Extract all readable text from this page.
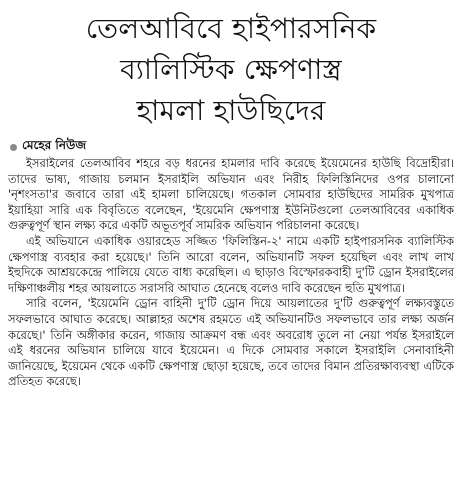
তেলআবিবে হাইপারসনিক
ব্যালিস্টিক ক্ষেপণাস্ত্র
হামলা হাউছিদের
মেহের নিউজ

ইসরাইলের তেলআবিব শহরে বড় ধরনের হামলার দাবি করেছে ইয়েমেনের হাউছি বিদ্রোহীরা। তাদের ভাষ্য, গাজায় চলমান ইসরাইলি অভিযান এবং নিরীহ ফিলিস্তিনিদের ওপর চালানো 'নৃশংসতা'র জবাবে তারা এই হামলা চালিয়েছে। গতকাল সোমবার হাউছিদের সামরিক মুখপাত্র ইয়াহিয়া সারি এক বিবৃতিতে বলেছেন, 'ইয়েমেনি ক্ষেপণাস্ত্র ইউনিটগুলো তেলআবিবের একাধিক গুরুত্বপূর্ণ স্থান লক্ষ্য করে একটি অভূতপূর্ব সামরিক অভিযান পরিচালনা করেছে।

এই অভিযানে একাধিক ওয়ারহেড সজ্জিত 'ফিলিস্তিন-২' নামে একটি হাইপারসনিক ব্যালিস্টিক ক্ষেপণাস্ত্র ব্যবহার করা হয়েছে।' তিনি আরো বলেন, অভিযানটি সফল হয়েছিল এবং লাখ লাখ ইহুদিকে আশ্রয়কেন্দ্রে পালিয়ে যেতে বাধ্য করেছিল। এ ছাড়াও বিস্ফোরকবাহী দু'টি ড্রোন ইসরাইলের দক্ষিণাঞ্চলীয় শহর আয়লাতে সরাসরি আঘাত হেনেছে বলেও দাবি করেছেন হুতি মুখপাত্র।

সারি বলেন, 'ইয়েমেনি ড্রোন বাহিনী দু'টি ড্রোন দিয়ে আয়লাতের দু'টি গুরুত্বপূর্ণ লক্ষ্যবস্তুতে সফলভাবে আঘাত করেছে। আল্লাহর অশেষ রহমতে এই অভিযানটিও সফলভাবে তার লক্ষ্য অর্জন করেছে।' তিনি অঙ্গীকার করেন, গাজায় আক্রমণ বন্ধ এবং অবরোধ তুলে না নেয়া পর্যন্ত ইসরাইলে এই ধরনের অভিযান চালিয়ে যাবে ইয়েমেন। এ দিকে সোমবার সকালে ইসরাইলি সেনাবাহিনী জানিয়েছে, ইয়েমেন থেকে একটি ক্ষেপণাস্ত্র ছোড়া হয়েছে, তবে তাদের বিমান প্রতিরক্ষাব্যবস্থা এটিকে প্রতিহত করেছে।
